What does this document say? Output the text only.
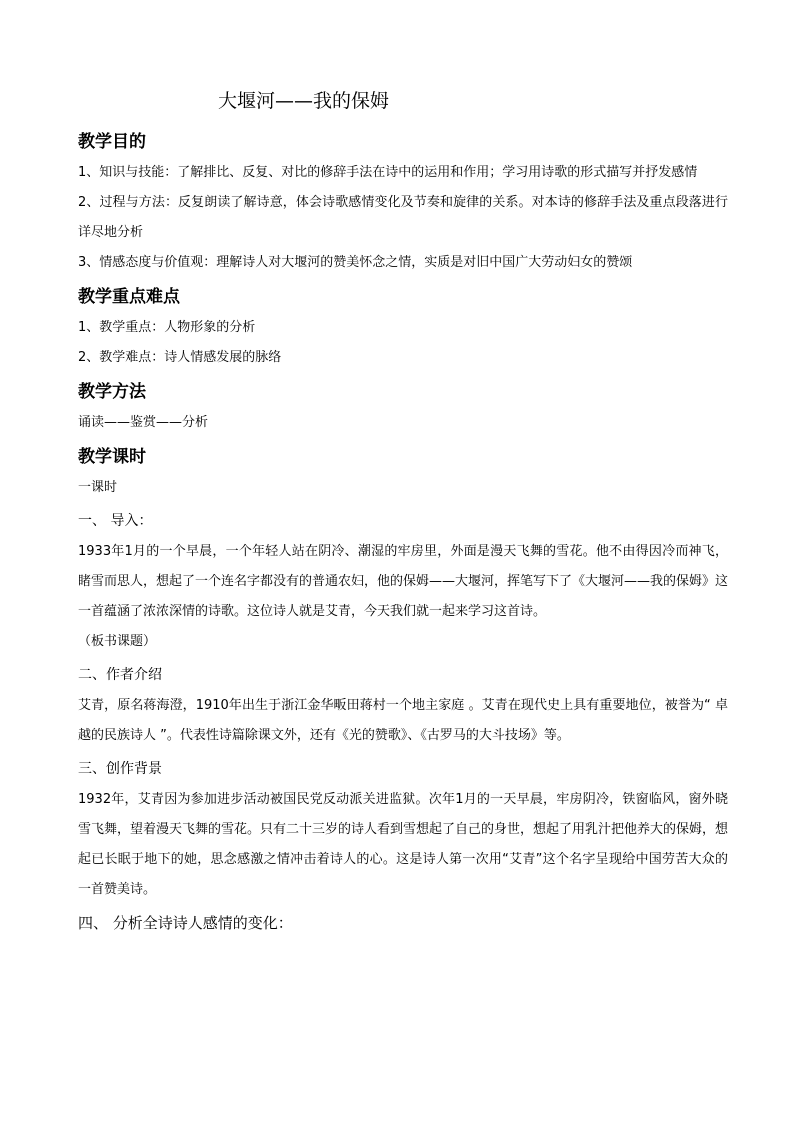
大堰河——我的保姆
教学目的

1、知识与技能：了解排比、反复、对比的修辞手法在诗中的运用和作用；学习用诗歌的形式描写并抒发感情

2、过程与方法：反复朗读了解诗意，体会诗歌感情变化及节奏和旋律的关系。对本诗的修辞手法及重点段落进行详尽地分析

3、情感态度与价值观：理解诗人对大堰河的赞美怀念之情，实质是对旧中国广大劳动妇女的赞颂

教学重点难点

1、教学重点：人物形象的分析

2、教学难点：诗人情感发展的脉络

教学方法

诵读——鉴赏——分析

教学课时

一课时

一、 导入：

1933年1月的一个早晨，一个年轻人站在阴冷、潮湿的牢房里，外面是漫天飞舞的雪花。他不由得因冷而神飞，睹雪而思人，想起了一个连名字都没有的普通农妇，他的保姆——大堰河，挥笔写下了《大堰河——我的保姆》这一首蕴涵了浓浓深情的诗歌。这位诗人就是艾青，今天我们就一起来学习这首诗。

（板书课题）

二、作者介绍

艾青，原名蒋海澄，1910年出生于浙江金华畈田蒋村一个地主家庭 。艾青在现代史上具有重要地位，被誉为“ 卓越的民族诗人 ”。代表性诗篇除课文外，还有《光的赞歌》、《古罗马的大斗技场》等。

三、创作背景

1932年，艾青因为参加进步活动被国民党反动派关进监狱。次年1月的一天早晨，牢房阴冷，铁窗临风，窗外晓雪飞舞，望着漫天飞舞的雪花。只有二十三岁的诗人看到雪想起了自己的身世，想起了用乳汁把他养大的保姆，想起已长眠于地下的她，思念感激之情冲击着诗人的心。这是诗人第一次用“艾青”这个名字呈现给中国劳苦大众的一首赞美诗。

四、 分析全诗诗人感情的变化：
